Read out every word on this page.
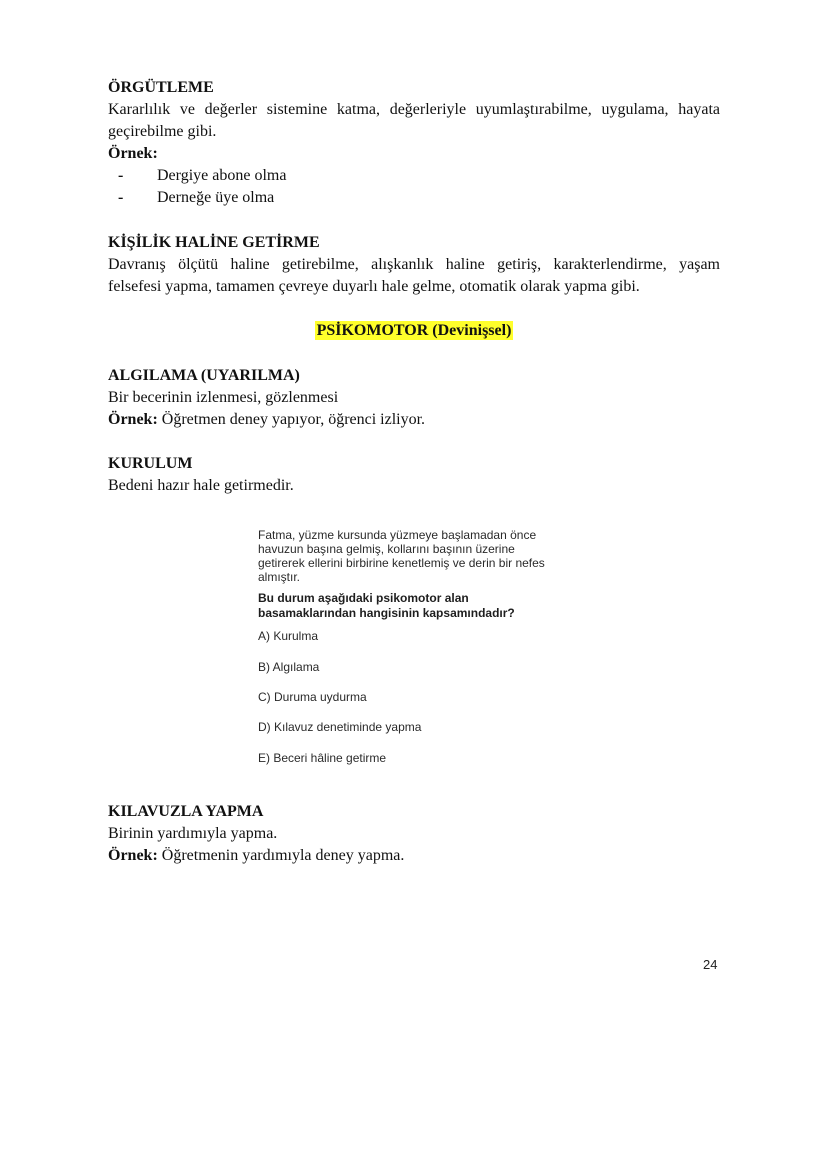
ÖRGÜTLEME
Kararlılık ve değerler sistemine katma, değerleriyle uyumlaştırabilme, uygulama, hayata
geçirebilme gibi.
Örnek:
- Dergiye abone olma
- Derneğe üye olma
KİŞİLİK HALİNE GETİRME
Davranış ölçütü haline getirebilme, alışkanlık haline getiriş, karakterlendirme, yaşam
felsefesi yapma, tamamen çevreye duyarlı hale gelme, otomatik olarak yapma gibi.
PSİKOMOTOR (Devinişsel)
ALGILAMA (UYARILMA)
Bir becerinin izlenmesi, gözlenmesi
Örnek: Öğretmen deney yapıyor, öğrenci izliyor.
KURULUM
Bedeni hazır hale getirmedir.
Fatma, yüzme kursunda yüzmeye başlamadan önce
havuzun başına gelmiş, kollarını başının üzerine
getirerek ellerini birbirine kenetlemiş ve derin bir nefes
almıştır.
Bu durum aşağıdaki psikomotor alan
basamaklarından hangisinin kapsamındadır?
A) Kurulma
B) Algılama
C) Duruma uydurma
D) Kılavuz denetiminde yapma
E) Beceri hâline getirme
KILAVUZLA YAPMA
Birinin yardımıyla yapma.
Örnek: Öğretmenin yardımıyla deney yapma.
24
